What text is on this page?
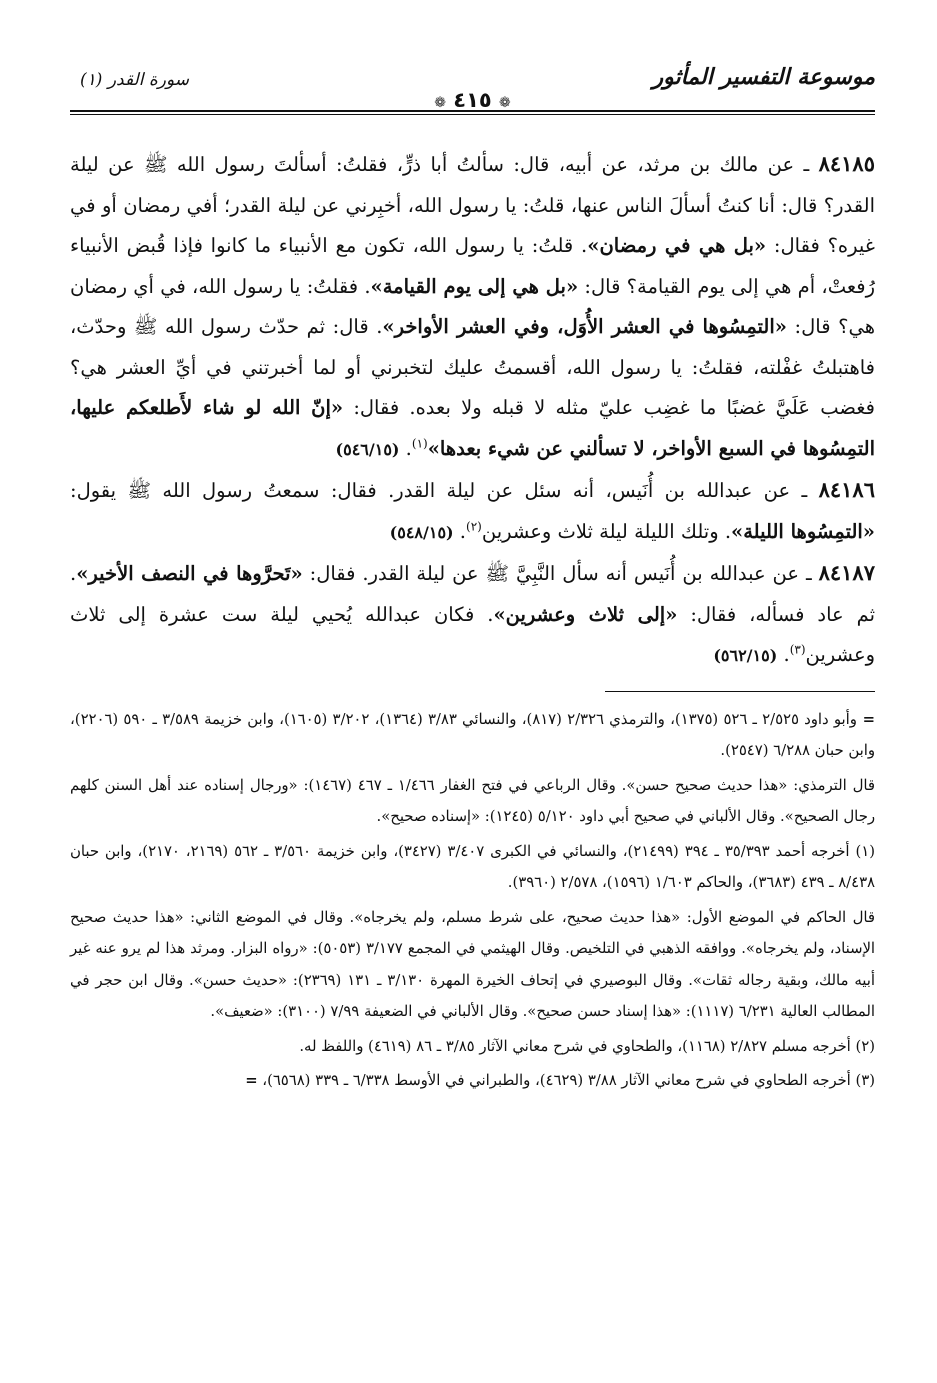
موسوعة التفسير المأثور
❁ ٤١٥ ❁
سورة القدر (١)

٨٤١٨٥ ـ عن مالك بن مرثد، عن أبيه، قال: سألتُ أبا ذرٍّ، فقلتُ: أسألتَ رسول الله ﷺ عن ليلة القدر؟ قال: أنا كنتُ أسألَ الناس عنها، قلتُ: يا رسول الله، أخبِرني عن ليلة القدر؛ أفي رمضان أو في غيره؟ فقال: «بل هي في رمضان». قلتُ: يا رسول الله، تكون مع الأنبياء ما كانوا فإذا قُبض الأنبياء رُفعتْ، أم هي إلى يوم القيامة؟ قال: «بل هي إلى يوم القيامة». فقلتُ: يا رسول الله، في أي رمضان هي؟ قال: «التمِسُوها في العشر الأُوَل، وفي العشر الأواخر». قال: ثم حدّث رسول الله ﷺ وحدّث، فاهتبلتُ غفْلته، فقلتُ: يا رسول الله، أقسمتُ عليك لتخبرني أو لما أخبرتني في أيِّ العشر هي؟ فغضب عَلَيَّ غضبًا ما غضِب عليّ مثله لا قبله ولا بعده. فقال: «إنّ الله لو شاء لأَطلعكم عليها، التمِسُوها في السبع الأواخر، لا تسألني عن شيء بعدها»$^{(١)}$. (٥٤٦/١٥)

٨٤١٨٦ ـ عن عبدالله بن أُنَيس، أنه سئل عن ليلة القدر. فقال: سمعتُ رسول الله ﷺ يقول: «التمِسُوها الليلة». وتلك الليلة ليلة ثلاث وعشرين$^{(٢)}$. (٥٤٨/١٥)

٨٤١٨٧ ـ عن عبدالله بن أُنَيس أنه سأل النَّبِيَّ ﷺ عن ليلة القدر. فقال: «تَحرَّوها في النصف الأخير». ثم عاد فسأله، فقال: «إلى ثلاث وعشرين». فكان عبدالله يُحيي ليلة ست عشرة إلى ثلاث وعشرين$^{(٣)}$. (٥٦٢/١٥)

= وأبو داود ٢/٥٢٥ ـ ٥٢٦ (١٣٧٥)، والترمذي ٢/٣٢٦ (٨١٧)، والنسائي ٣/٨٣ (١٣٦٤)، ٣/٢٠٢ (١٦٠٥)، وابن خزيمة ٣/٥٨٩ ـ ٥٩٠ (٢٢٠٦)، وابن حبان ٦/٢٨٨ (٢٥٤٧).

قال الترمذي: «هذا حديث صحيح حسن». وقال الرباعي في فتح الغفار ١/٤٦٦ ـ ٤٦٧ (١٤٦٧): «ورجال إسناده عند أهل السنن كلهم رجال الصحيح». وقال الألباني في صحيح أبي داود ٥/١٢٠ (١٢٤٥): «إسناده صحيح».

(١) أخرجه أحمد ٣٥/٣٩٣ ـ ٣٩٤ (٢١٤٩٩)، والنسائي في الكبرى ٣/٤٠٧ (٣٤٢٧)، وابن خزيمة ٣/٥٦٠ ـ ٥٦٢ (٢١٦٩، ٢١٧٠)، وابن حبان ٨/٤٣٨ ـ ٤٣٩ (٣٦٨٣)، والحاكم ١/٦٠٣ (١٥٩٦)، ٢/٥٧٨ (٣٩٦٠).

قال الحاكم في الموضع الأول: «هذا حديث صحيح، على شرط مسلم، ولم يخرجاه». وقال في الموضع الثاني: «هذا حديث صحيح الإسناد، ولم يخرجاه». ووافقه الذهبي في التلخيص. وقال الهيثمي في المجمع ٣/١٧٧ (٥٠٥٣): «رواه البزار. ومرثد هذا لم يرو عنه غير أبيه مالك، وبقية رجاله ثقات». وقال البوصيري في إتحاف الخيرة المهرة ٣/١٣٠ ـ ١٣١ (٢٣٦٩): «حديث حسن». وقال ابن حجر في المطالب العالية ٦/٢٣١ (١١١٧): «هذا إسناد حسن صحيح». وقال الألباني في الضعيفة ٧/٩٩ (٣١٠٠): «ضعيف».

(٢) أخرجه مسلم ٢/٨٢٧ (١١٦٨)، والطحاوي في شرح معاني الآثار ٣/٨٥ ـ ٨٦ (٤٦١٩) واللفظ له.

(٣) أخرجه الطحاوي في شرح معاني الآثار ٣/٨٨ (٤٦٢٩)، والطبراني في الأوسط ٦/٣٣٨ ـ ٣٣٩ (٦٥٦٨)، =
